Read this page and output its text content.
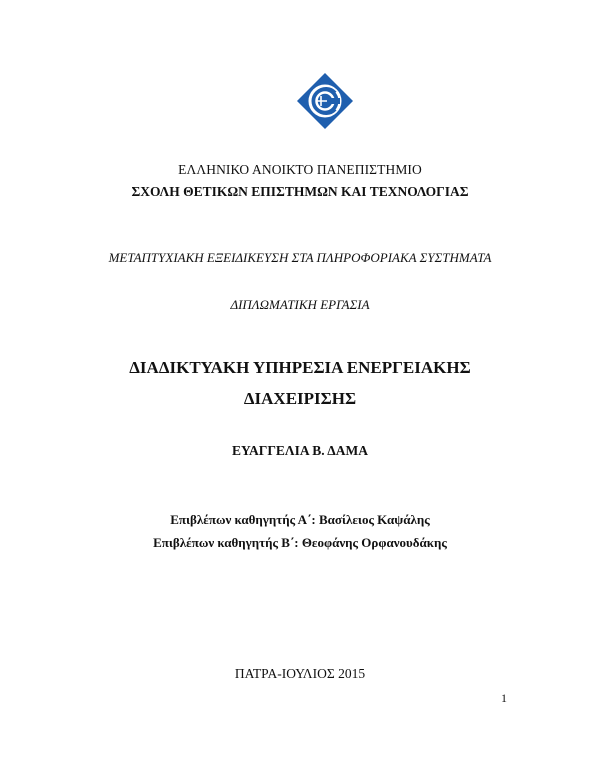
ΕΛΛΗΝΙΚΟ ΑΝΟΙΚΤΟ ΠΑΝΕΠΙΣΤΗΜΙΟ
ΣΧΟΛΗ ΘΕΤΙΚΩΝ ΕΠΙΣΤΗΜΩΝ ΚΑΙ ΤΕΧΝΟΛΟΓΙΑΣ
ΜΕΤΑΠΤΥΧΙΑΚΗ ΕΞΕΙΔΙΚΕΥΣΗ ΣΤΑ ΠΛΗΡΟΦΟΡΙΑΚΑ ΣΥΣΤΗΜΑΤΑ
ΔΙΠΛΩΜΑΤΙΚΗ ΕΡΓΑΣΙΑ
ΔΙΑΔΙΚΤΥΑΚΗ ΥΠΗΡΕΣΙΑ ΕΝΕΡΓΕΙΑΚΗΣ
ΔΙΑΧΕΙΡΙΣΗΣ
ΕΥΑΓΓΕΛΙΑ Β. ΔΑΜΑ
Επιβλέπων καθηγητής Α΄: Βασίλειος Καψάλης
Επιβλέπων καθηγητής Β΄: Θεοφάνης Ορφανουδάκης
ΠΑΤΡΑ-ΙΟΥΛΙΟΣ 2015
1
